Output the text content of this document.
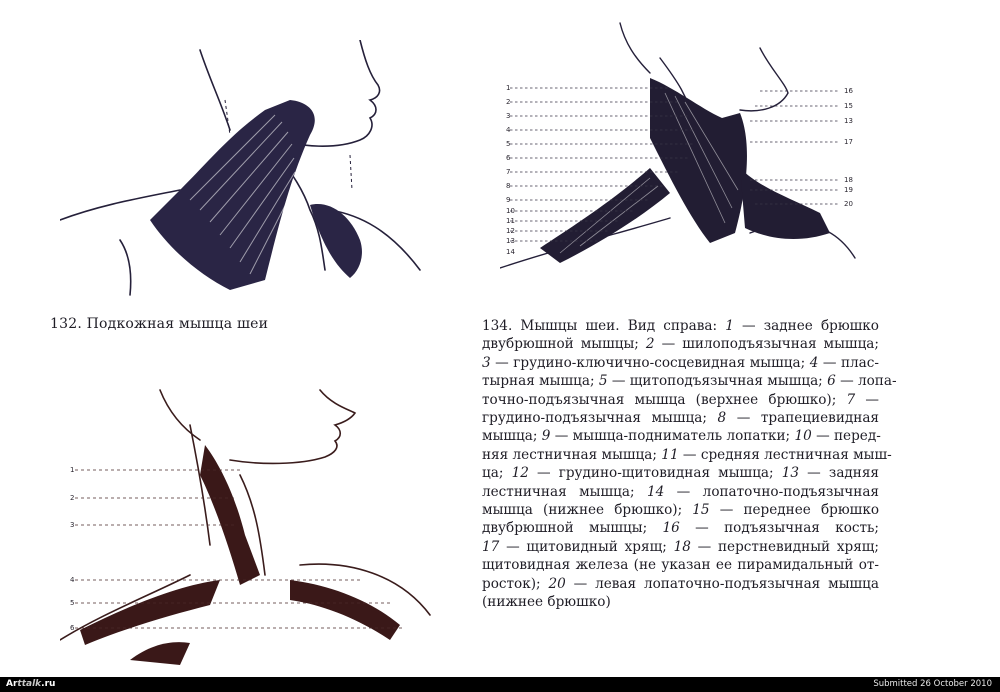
132. Подкожная мышца шеи
1
2
3
4
5
6
7
8
9
10
11
12
13
14
16
15
13
17
18
19
20
134. Мышцы шеи. Вид справа: 1 — заднее брюшко
двубрюшной мышцы; 2 — шилоподъязычная мышца;
3 — грудино-ключично-сосцевидная мышца; 4 — плас-
тырная мышца; 5 — щитоподъязычная мышца; 6 — лопа-
точно-подъязычная мышца (верхнее брюшко); 7 —
грудино-подъязычная мышца; 8 — трапециевидная
мышца; 9 — мышца-подниматель лопатки; 10 — перед-
няя лестничная мышца; 11 — средняя лестничная мыш-
ца; 12 — грудино-щитовидная мышца; 13 — задняя
лестничная мышца; 14 — лопаточно-подъязычная
мышца (нижнее брюшко); 15 — переднее брюшко
двубрюшной мышцы; 16 — подъязычная кость;
17 — щитовидный хрящ; 18 — перстневидный хрящ;
щитовидная железа (не указан ее пирамидальный от-
росток); 20 — левая лопаточно-подъязычная мышца
(нижнее брюшко)
1
2
3
4
5
6
Arttalk.ru	Submitted 26 October 2010
